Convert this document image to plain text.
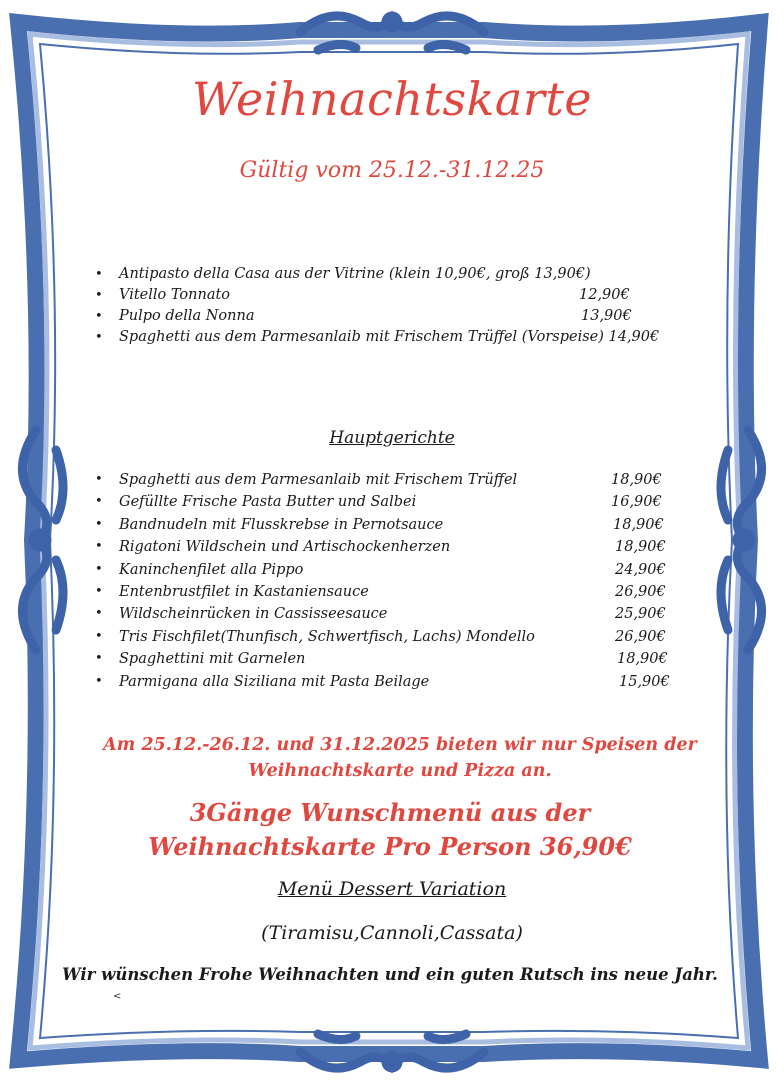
Weihnachtskarte
Gültig vom 25.12.-31.12.25
• Antipasto della Casa aus der Vitrine (klein 10,90€, groß 13,90€)
• Vitello Tonnato	12,90€
• Pulpo della Nonna	13,90€
• Spaghetti aus dem Parmesanlaib mit Frischem Trüffel (Vorspeise) 14,90€
Hauptgerichte
• Spaghetti aus dem Parmesanlaib mit Frischem Trüffel	18,90€
• Gefüllte Frische Pasta Butter und Salbei	16,90€
• Bandnudeln mit Flusskrebse in Pernotsauce	18,90€
• Rigatoni Wildschein und Artischockenherzen	18,90€
• Kaninchenfilet alla Pippo	24,90€
• Entenbrustfilet in Kastaniensauce	26,90€
• Wildscheinrücken in Cassisseesauce	25,90€
• Tris Fischfilet(Thunfisch, Schwertfisch, Lachs) Mondello	26,90€
• Spaghettini mit Garnelen	18,90€
• Parmigana alla Siziliana mit Pasta Beilage	15,90€
Am 25.12.-26.12. und 31.12.2025 bieten wir nur Speisen der Weihnachtskarte und Pizza an.
3Gänge Wunschmenü aus der Weihnachtskarte Pro Person 36,90€
Menü Dessert Variation
(Tiramisu,Cannoli,Cassata)
Wir wünschen Frohe Weihnachten und ein guten Rutsch ins neue Jahr.
<
